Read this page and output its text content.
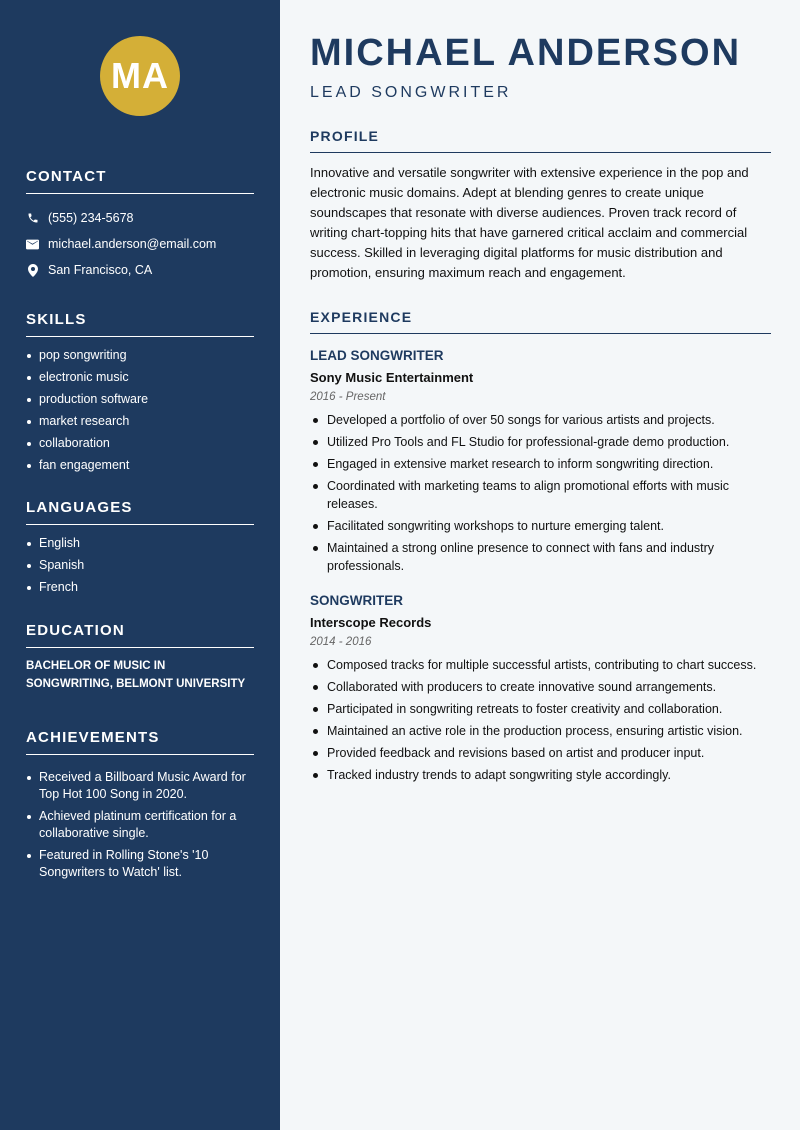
MA
CONTACT
(555) 234-5678
michael.anderson@email.com
San Francisco, CA
SKILLS
pop songwriting
electronic music
production software
market research
collaboration
fan engagement
LANGUAGES
English
Spanish
French
EDUCATION
BACHELOR OF MUSIC IN SONGWRITING, BELMONT UNIVERSITY
ACHIEVEMENTS
Received a Billboard Music Award for Top Hot 100 Song in 2020.
Achieved platinum certification for a collaborative single.
Featured in Rolling Stone's '10 Songwriters to Watch' list.
MICHAEL ANDERSON
LEAD SONGWRITER
PROFILE

Innovative and versatile songwriter with extensive experience in the pop and electronic music domains. Adept at blending genres to create unique soundscapes that resonate with diverse audiences. Proven track record of writing chart-topping hits that have garnered critical acclaim and commercial success. Skilled in leveraging digital platforms for music distribution and promotion, ensuring maximum reach and engagement.

EXPERIENCE
LEAD SONGWRITER
Sony Music Entertainment
2016 - Present
Developed a portfolio of over 50 songs for various artists and projects.
Utilized Pro Tools and FL Studio for professional-grade demo production.
Engaged in extensive market research to inform songwriting direction.
Coordinated with marketing teams to align promotional efforts with music releases.
Facilitated songwriting workshops to nurture emerging talent.
Maintained a strong online presence to connect with fans and industry professionals.
SONGWRITER
Interscope Records
2014 - 2016
Composed tracks for multiple successful artists, contributing to chart success.
Collaborated with producers to create innovative sound arrangements.
Participated in songwriting retreats to foster creativity and collaboration.
Maintained an active role in the production process, ensuring artistic vision.
Provided feedback and revisions based on artist and producer input.
Tracked industry trends to adapt songwriting style accordingly.
